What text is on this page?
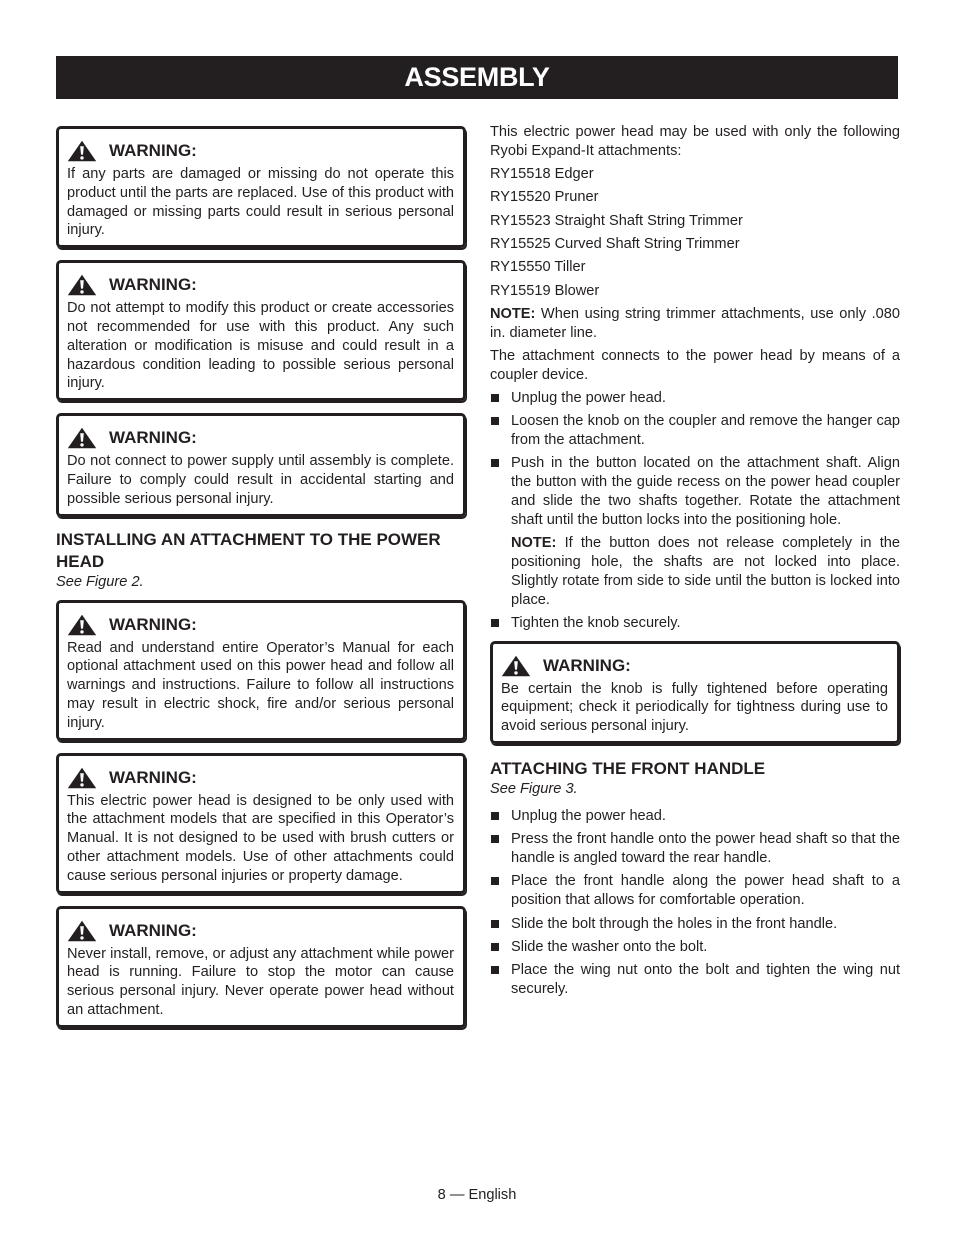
ASSEMBLY
WARNING:
If any parts are damaged or missing do not operate this product until the parts are replaced. Use of this product with damaged or missing parts could result in serious personal injury.
WARNING:
Do not attempt to modify this product or create accessories not recommended for use with this product. Any such alteration or modification is misuse and could result in a hazardous condition leading to possible serious personal injury.
WARNING:
Do not connect to power supply until assembly is complete. Failure to comply could result in accidental starting and possible serious personal injury.
INSTALLING AN ATTACHMENT TO THE POWER HEAD
See Figure 2.
WARNING:
Read and understand entire Operator’s Manual for each optional attachment used on this power head and follow all warnings and instructions. Failure to follow all instructions may result in electric shock, fire and/or serious personal injury.
WARNING:
This electric power head is designed to be only used with the attachment models that are specified in this Operator’s Manual. It is not designed to be used with brush cutters or other attachment models. Use of other attachments could cause serious personal injuries or property damage.
WARNING:
Never install, remove, or adjust any attachment while power head is running. Failure to stop the motor can cause serious personal injury. Never operate power head without an attachment.

This electric power head may be used with only the following Ryobi Expand-It attachments:

RY15518 Edger
RY15520 Pruner
RY15523 Straight Shaft String Trimmer
RY15525 Curved Shaft String Trimmer
RY15550 Tiller
RY15519 Blower

NOTE: When using string trimmer attachments, use only .080 in. diameter line.

The attachment connects to the power head by means of a coupler device.

Unplug the power head.
Loosen the knob on the coupler and remove the hanger cap from the attachment.
Push in the button located on the attachment shaft. Align the button with the guide recess on the power head coupler and slide the two shafts together. Rotate the attachment shaft until the button locks into the positioning hole.
NOTE: If the button does not release completely in the positioning hole, the shafts are not locked into place. Slightly rotate from side to side until the button is locked into place.
Tighten the knob securely.
WARNING:
Be certain the knob is fully tightened before operating equipment; check it periodically for tightness during use to avoid serious personal injury.
ATTACHING THE FRONT HANDLE
See Figure 3.
Unplug the power head.
Press the front handle onto the power head shaft so that the handle is angled toward the rear handle.
Place the front handle along the power head shaft to a position that allows for comfortable operation.
Slide the bolt through the holes in the front handle.
Slide the washer onto the bolt.
Place the wing nut onto the bolt and tighten the wing nut securely.
8 — English
